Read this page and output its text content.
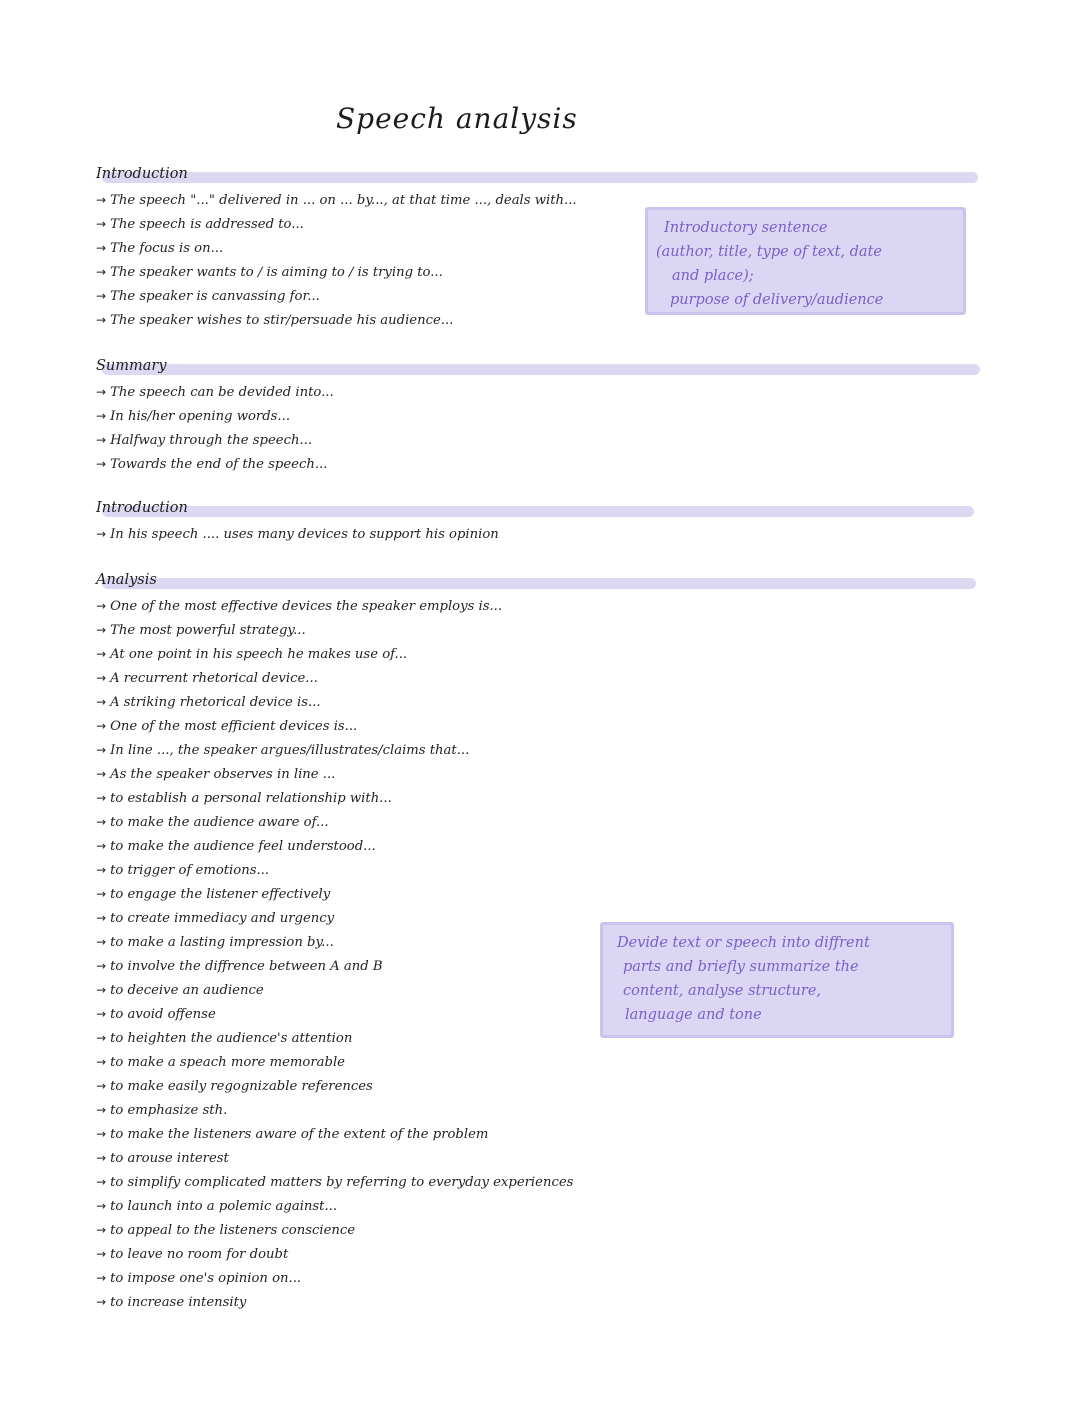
Speech analysis
Introduction
→ The speech "..." delivered in ... on ... by..., at that time ..., deals with...
→ The speech is addressed to...
→ The focus is on...
→ The speaker wants to / is aiming to / is trying to...
→ The speaker is canvassing for...
→ The speaker wishes to stir/persuade his audience...
Summary
→ The speech can be devided into...
→ In his/her opening words...
→ Halfway through the speech...
→ Towards the end of the speech...
Introduction
→ In his speech .... uses many devices to support his opinion
Analysis
→ One of the most effective devices the speaker employs is...
→ The most powerful strategy...
→ At one point in his speech he makes use of...
→ A recurrent rhetorical device...
→ A striking rhetorical device is...
→ One of the most efficient devices is...
→ In line ..., the speaker argues/illustrates/claims that...
→ As the speaker observes in line ...
→ to establish a personal relationship with...
→ to make the audience aware of...
→ to make the audience feel understood...
→ to trigger of emotions...
→ to engage the listener effectively
→ to create immediacy and urgency
→ to make a lasting impression by...
→ to involve the diffrence between A and B
→ to deceive an audience
→ to avoid offense
→ to heighten the audience's attention
→ to make a speach more memorable
→ to make easily regognizable references
→ to emphasize sth.
→ to make the listeners aware of the extent of the problem
→ to arouse interest
→ to simplify complicated matters by referring to everyday experiences
→ to launch into a polemic against...
→ to appeal to the listeners conscience
→ to leave no room for doubt
→ to impose one's opinion on...
→ to increase intensity
Introductory sentence
(author, title, type of text, date
and place);
purpose of delivery/audience
Devide text or speech into diffrent
parts and briefly summarize the
content, analyse structure,
language and tone
